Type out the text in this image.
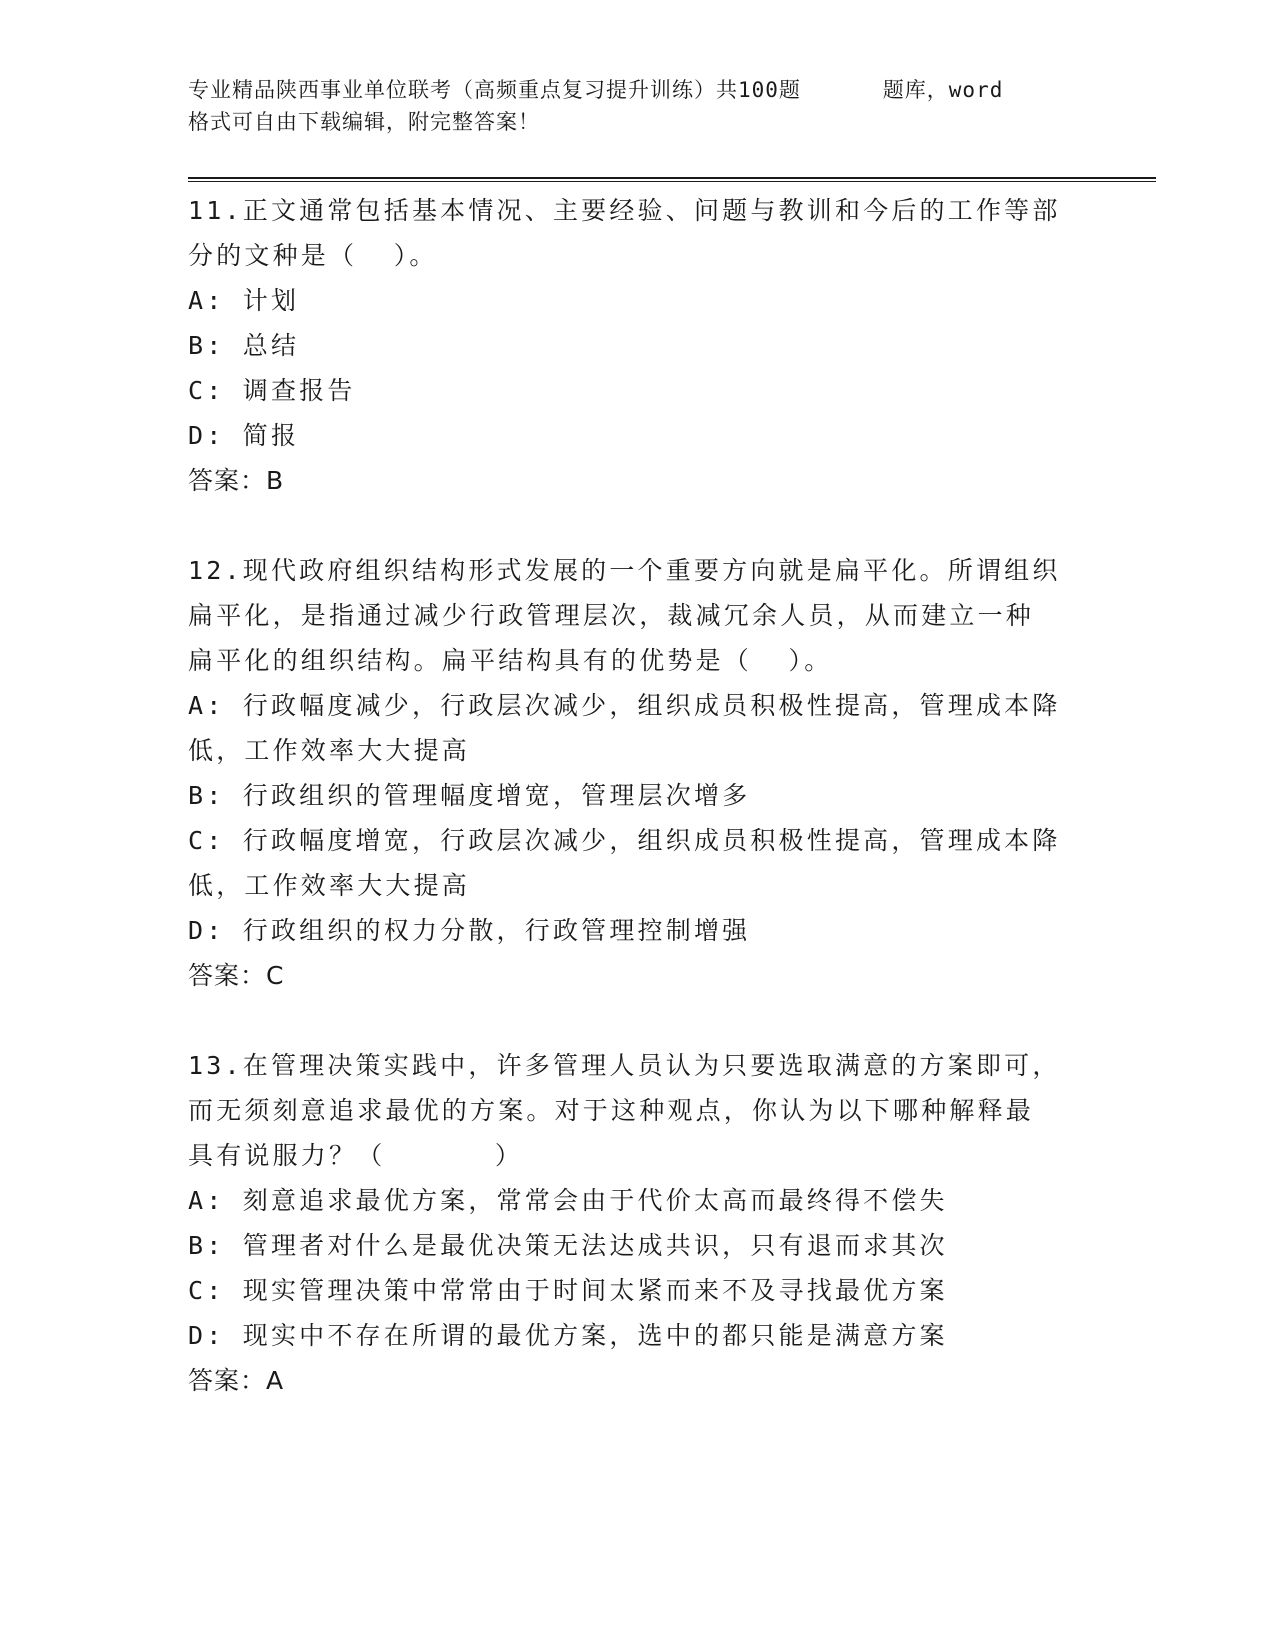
专业精品陕西事业单位联考（高频重点复习提升训练）共100题      题库，word
格式可自由下载编辑，附完整答案！
11.正文通常包括基本情况、主要经验、问题与教训和今后的工作等部
分的文种是（  ）。
A: 计划
B: 总结
C: 调查报告
D: 简报
答案：B
12.现代政府组织结构形式发展的一个重要方向就是扁平化。所谓组织
扁平化，是指通过减少行政管理层次，裁减冗余人员，从而建立一种
扁平化的组织结构。扁平结构具有的优势是（  ）。
A: 行政幅度减少，行政层次减少，组织成员积极性提高，管理成本降
低，工作效率大大提高
B: 行政组织的管理幅度增宽，管理层次增多
C: 行政幅度增宽，行政层次减少，组织成员积极性提高，管理成本降
低，工作效率大大提高
D: 行政组织的权力分散，行政管理控制增强
答案：C
13.在管理决策实践中，许多管理人员认为只要选取满意的方案即可，
而无须刻意追求最优的方案。对于这种观点，你认为以下哪种解释最
具有说服力？（      ）
A: 刻意追求最优方案，常常会由于代价太高而最终得不偿失
B: 管理者对什么是最优决策无法达成共识，只有退而求其次
C: 现实管理决策中常常由于时间太紧而来不及寻找最优方案
D: 现实中不存在所谓的最优方案，选中的都只能是满意方案
答案：A
